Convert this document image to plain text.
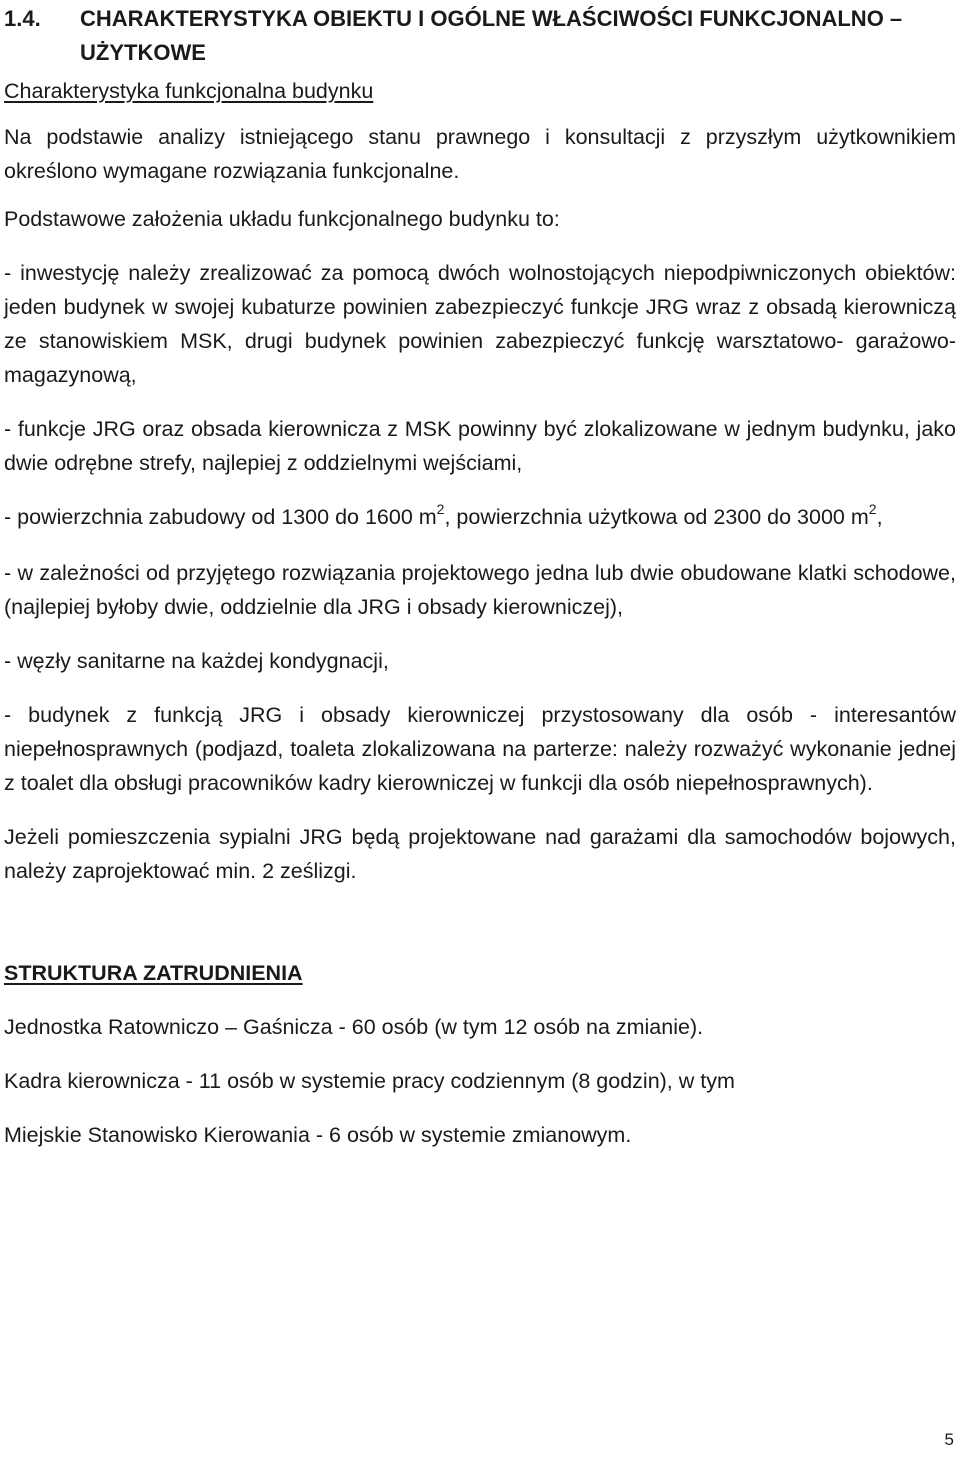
1.4. CHARAKTERYSTYKA OBIEKTU I OGÓLNE WŁAŚCIWOŚCI FUNKCJONALNO – UŻYTKOWE
Charakterystyka funkcjonalna budynku

Na podstawie analizy istniejącego stanu prawnego i konsultacji z przyszłym użytkownikiem określono wymagane rozwiązania funkcjonalne.

Podstawowe założenia układu funkcjonalnego budynku to:

- inwestycję należy zrealizować za pomocą dwóch wolnostojących niepodpiwniczonych obiektów: jeden budynek w swojej kubaturze powinien zabezpieczyć funkcje JRG wraz z obsadą kierowniczą ze stanowiskiem MSK, drugi budynek powinien zabezpieczyć funkcję warsztatowo- garażowo- magazynową,

- funkcje JRG oraz obsada kierownicza z MSK powinny być zlokalizowane w jednym budynku, jako dwie odrębne strefy, najlepiej z oddzielnymi wejściami,

- powierzchnia zabudowy od 1300 do 1600 $m^2$, powierzchnia użytkowa od 2300 do 3000 $m^2$,

- w zależności od przyjętego rozwiązania projektowego jedna lub dwie obudowane klatki schodowe, (najlepiej byłoby dwie, oddzielnie dla JRG i obsady kierowniczej),

- węzły sanitarne na każdej kondygnacji,

- budynek z funkcją JRG i obsady kierowniczej przystosowany dla osób - interesantów niepełnosprawnych (podjazd, toaleta zlokalizowana na parterze: należy rozważyć wykonanie jednej z toalet dla obsługi pracowników kadry kierowniczej w funkcji dla osób niepełnosprawnych).

Jeżeli pomieszczenia sypialni JRG będą projektowane nad garażami dla samochodów bojowych, należy zaprojektować min. 2 ześlizgi.

STRUKTURA ZATRUDNIENIA

Jednostka Ratowniczo – Gaśnicza - 60 osób (w tym 12 osób na zmianie).

Kadra kierownicza - 11 osób w systemie pracy codziennym (8 godzin), w tym

Miejskie Stanowisko Kierowania - 6 osób w systemie zmianowym.

5
